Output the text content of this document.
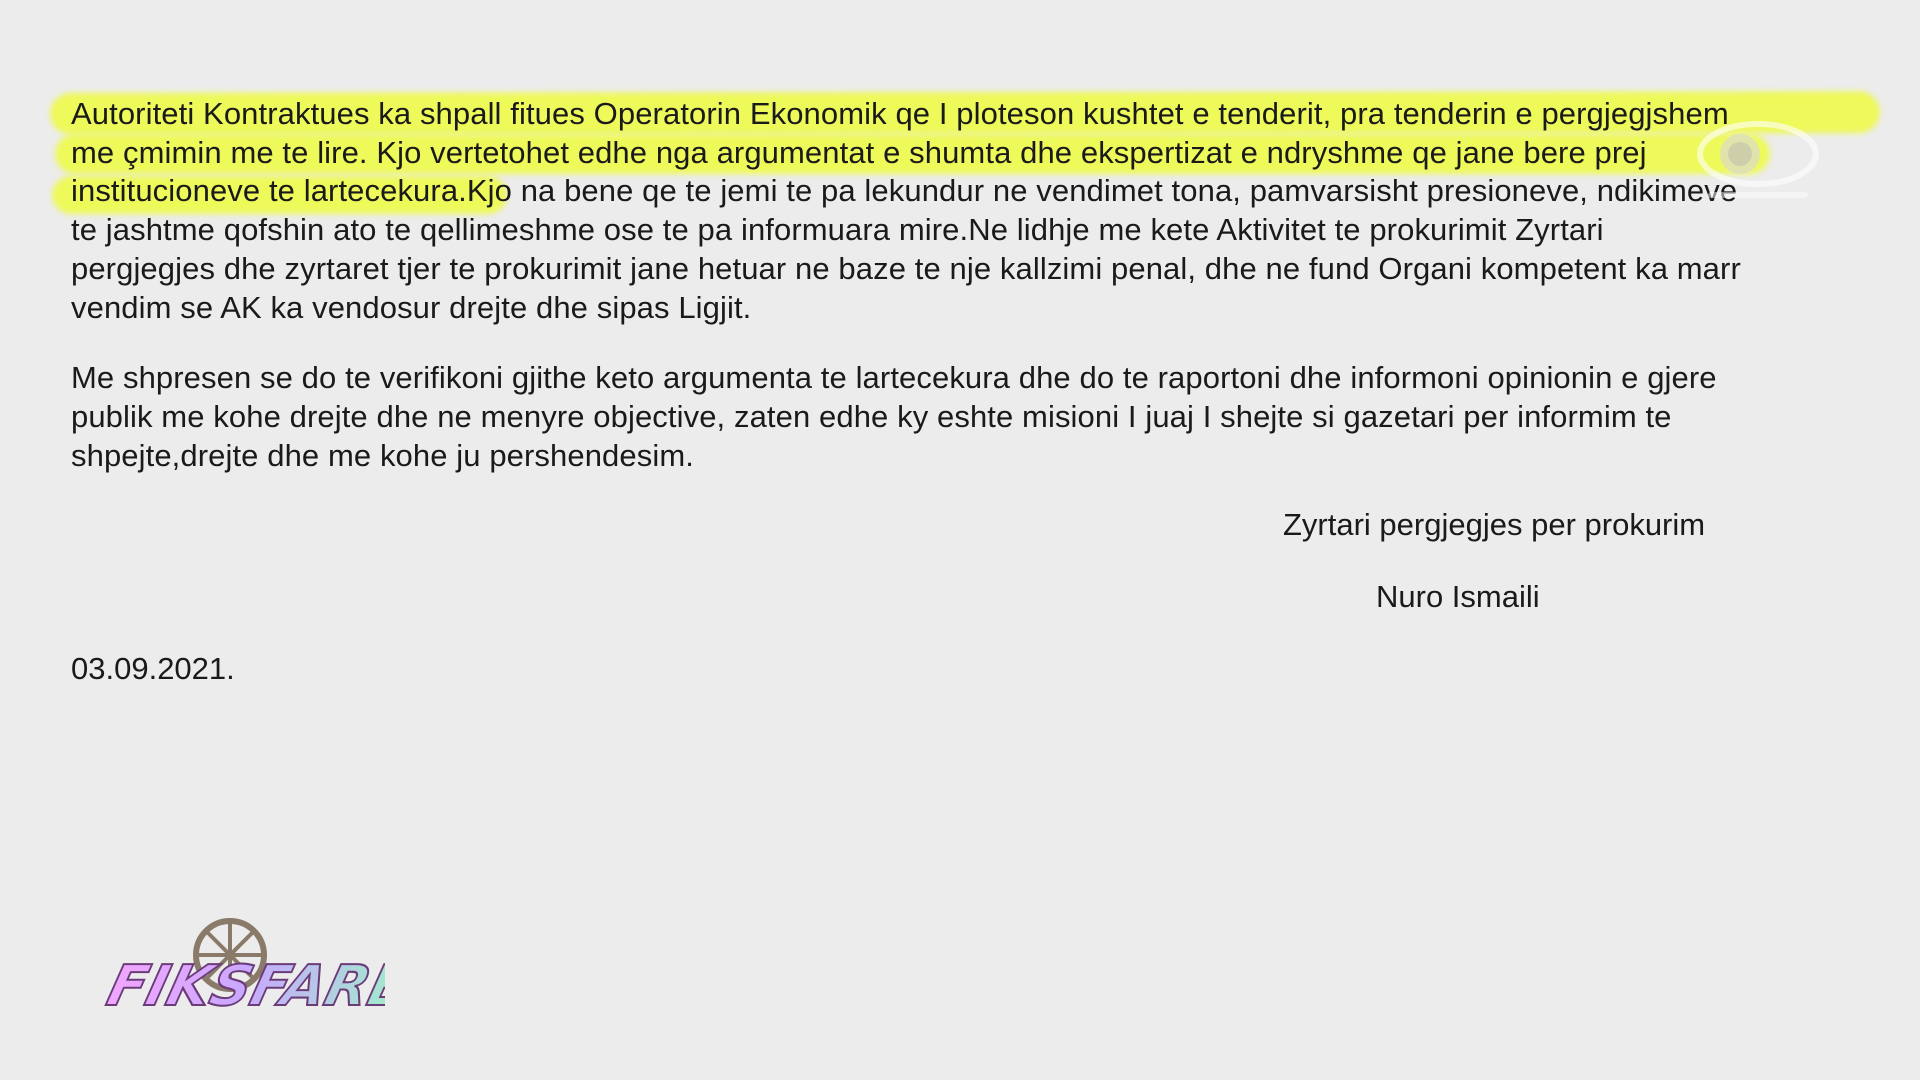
Autoriteti Kontraktues ka shpall fitues Operatorin Ekonomik qe I ploteson kushtet e tenderit, pra tenderin e pergjegjshem
me çmimin me te lire. Kjo vertetohet edhe nga argumentat e shumta dhe ekspertizat e ndryshme qe jane bere prej
institucioneve te lartecekura.Kjo na bene qe te jemi te pa lekundur ne vendimet tona, pamvarsisht presioneve, ndikimeve
te jashtme qofshin ato te qellimeshme ose te pa informuara mire.Ne lidhje me kete Aktivitet te prokurimit Zyrtari
pergjegjes dhe zyrtaret tjer te prokurimit jane hetuar ne baze te nje kallzimi penal, dhe ne fund Organi kompetent ka marr
vendim se AK ka vendosur drejte dhe sipas Ligjit.

Me shpresen se do te verifikoni gjithe keto argumenta te lartecekura dhe do te raportoni dhe informoni opinionin e gjere
publik me kohe drejte dhe ne menyre objective, zaten edhe ky eshte misioni I juaj I shejte si gazetari per informim te
shpejte,drejte dhe me kohe ju pershendesim.

Zyrtari pergjegjes per prokurim
Nuro Ismaili
03.09.2021.
FIKSFARE
